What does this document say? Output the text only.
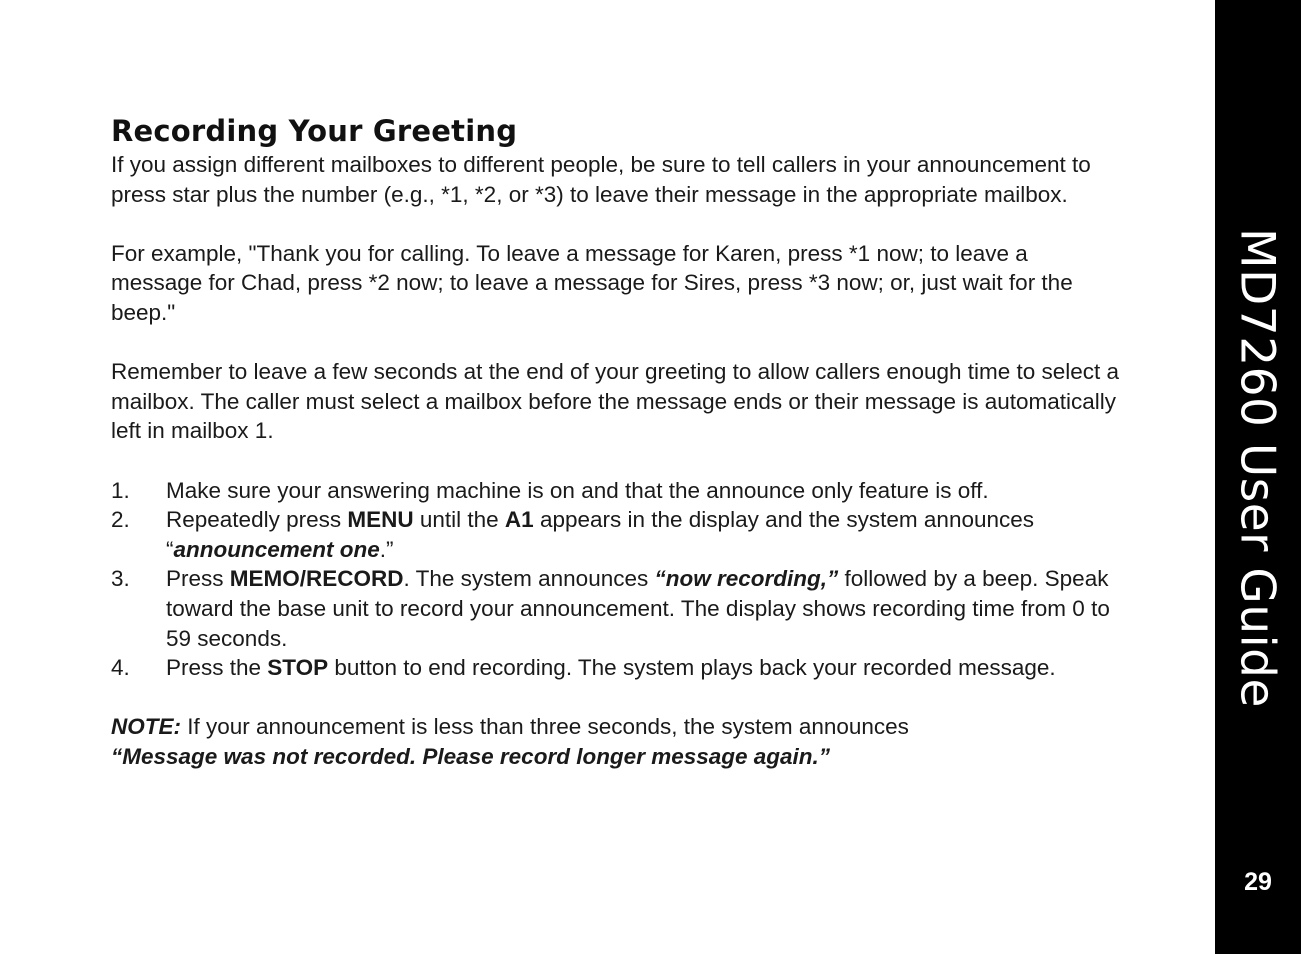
Recording Your Greeting

If you assign different mailboxes to different people, be sure to tell callers in your announcement to press star plus the number (e.g., *1, *2, or *3) to leave their message in the appropriate mailbox.

For example, "Thank you for calling. To leave a message for Karen, press *1 now; to leave a message for Chad, press *2 now; to leave a message for Sires, press *3 now; or, just wait for the beep."

Remember to leave a few seconds at the end of your greeting to allow callers enough time to select a mailbox. The caller must select a mailbox before the message ends or their message is automatically left in mailbox 1.

1. Make sure your answering machine is on and that the announce only feature is off.
2. Repeatedly press MENU until the A1 appears in the display and the system announces “announcement one.”
3. Press MEMO/RECORD. The system announces “now recording,” followed by a beep. Speak toward the base unit to record your announcement. The display shows recording time from 0 to 59 seconds.
4. Press the STOP button to end recording. The system plays back your recorded message.

NOTE: If your announcement is less than three seconds, the system announces
“Message was not recorded. Please record longer message again.”

MD7260 User Guide
29
